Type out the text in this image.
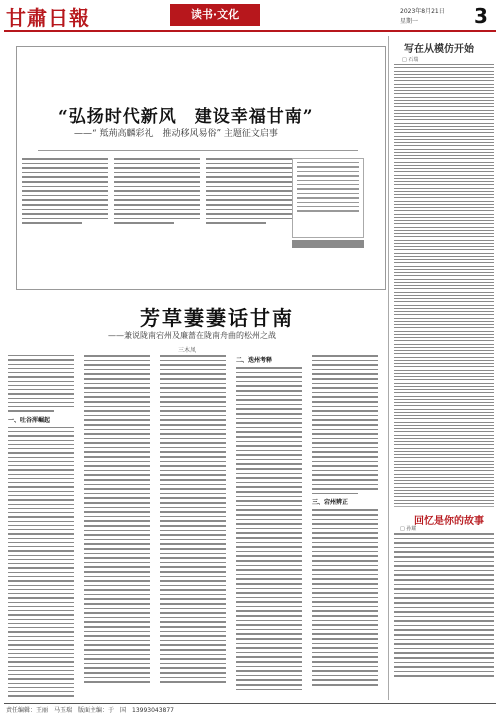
甘肅日報	读书·文化	2023年8月21日
星期一	3
“弘扬时代新风　建设幸福甘南”
——“ 羝荊高麟彩礼　推动移风易俗” 主题征文启事
芳草萋萋话甘南
——兼说陇南宕州及廉蔷在陇南舟曲的松州之战
三木凤
一、吐谷浑崛起
二、迭州考释
三、宕州辨正
写在从模仿开始
□ 石瑞
回忆是你的故事
□ 孙耀
责任编辑：王丽　马玉瑞　版面主编：于　国　13993043877
